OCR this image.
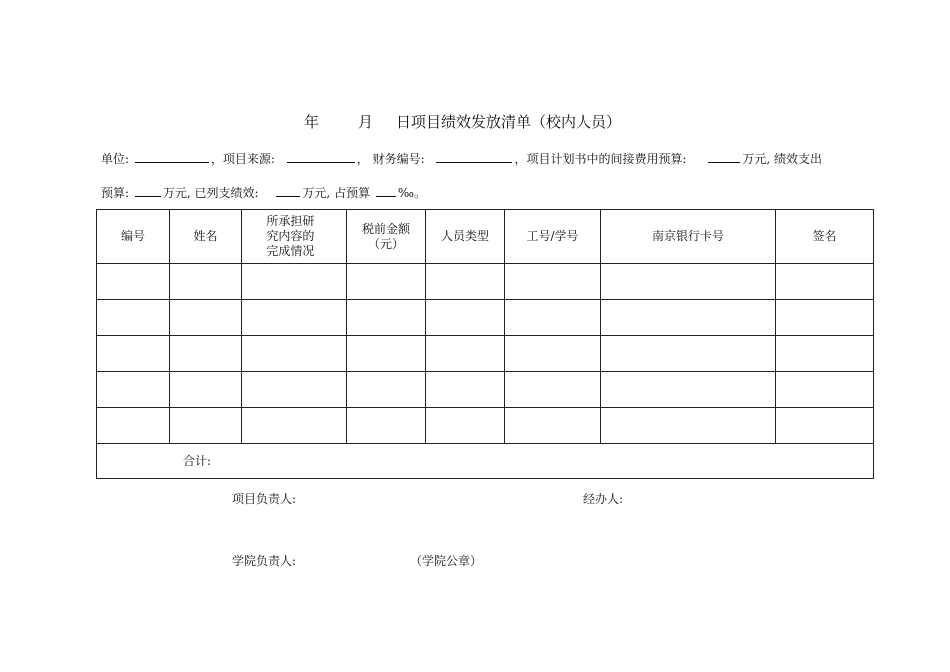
年	月 日项目绩效发放清单（校内人员）
单位:	，项目来源:	， 财务编号:	，项目计划书中的间接费用预算:	万元, 绩效支出
预算:	万元, 已列支绩效:	万元, 占预算 ‰。
编号	姓名	所承担研究内容的完成情况	税前金额（元）	人员类型	工号/学号	南京银行卡号	签名

合计:							
项目负责人:	经办人:
学院负责人:	（学院公章）
